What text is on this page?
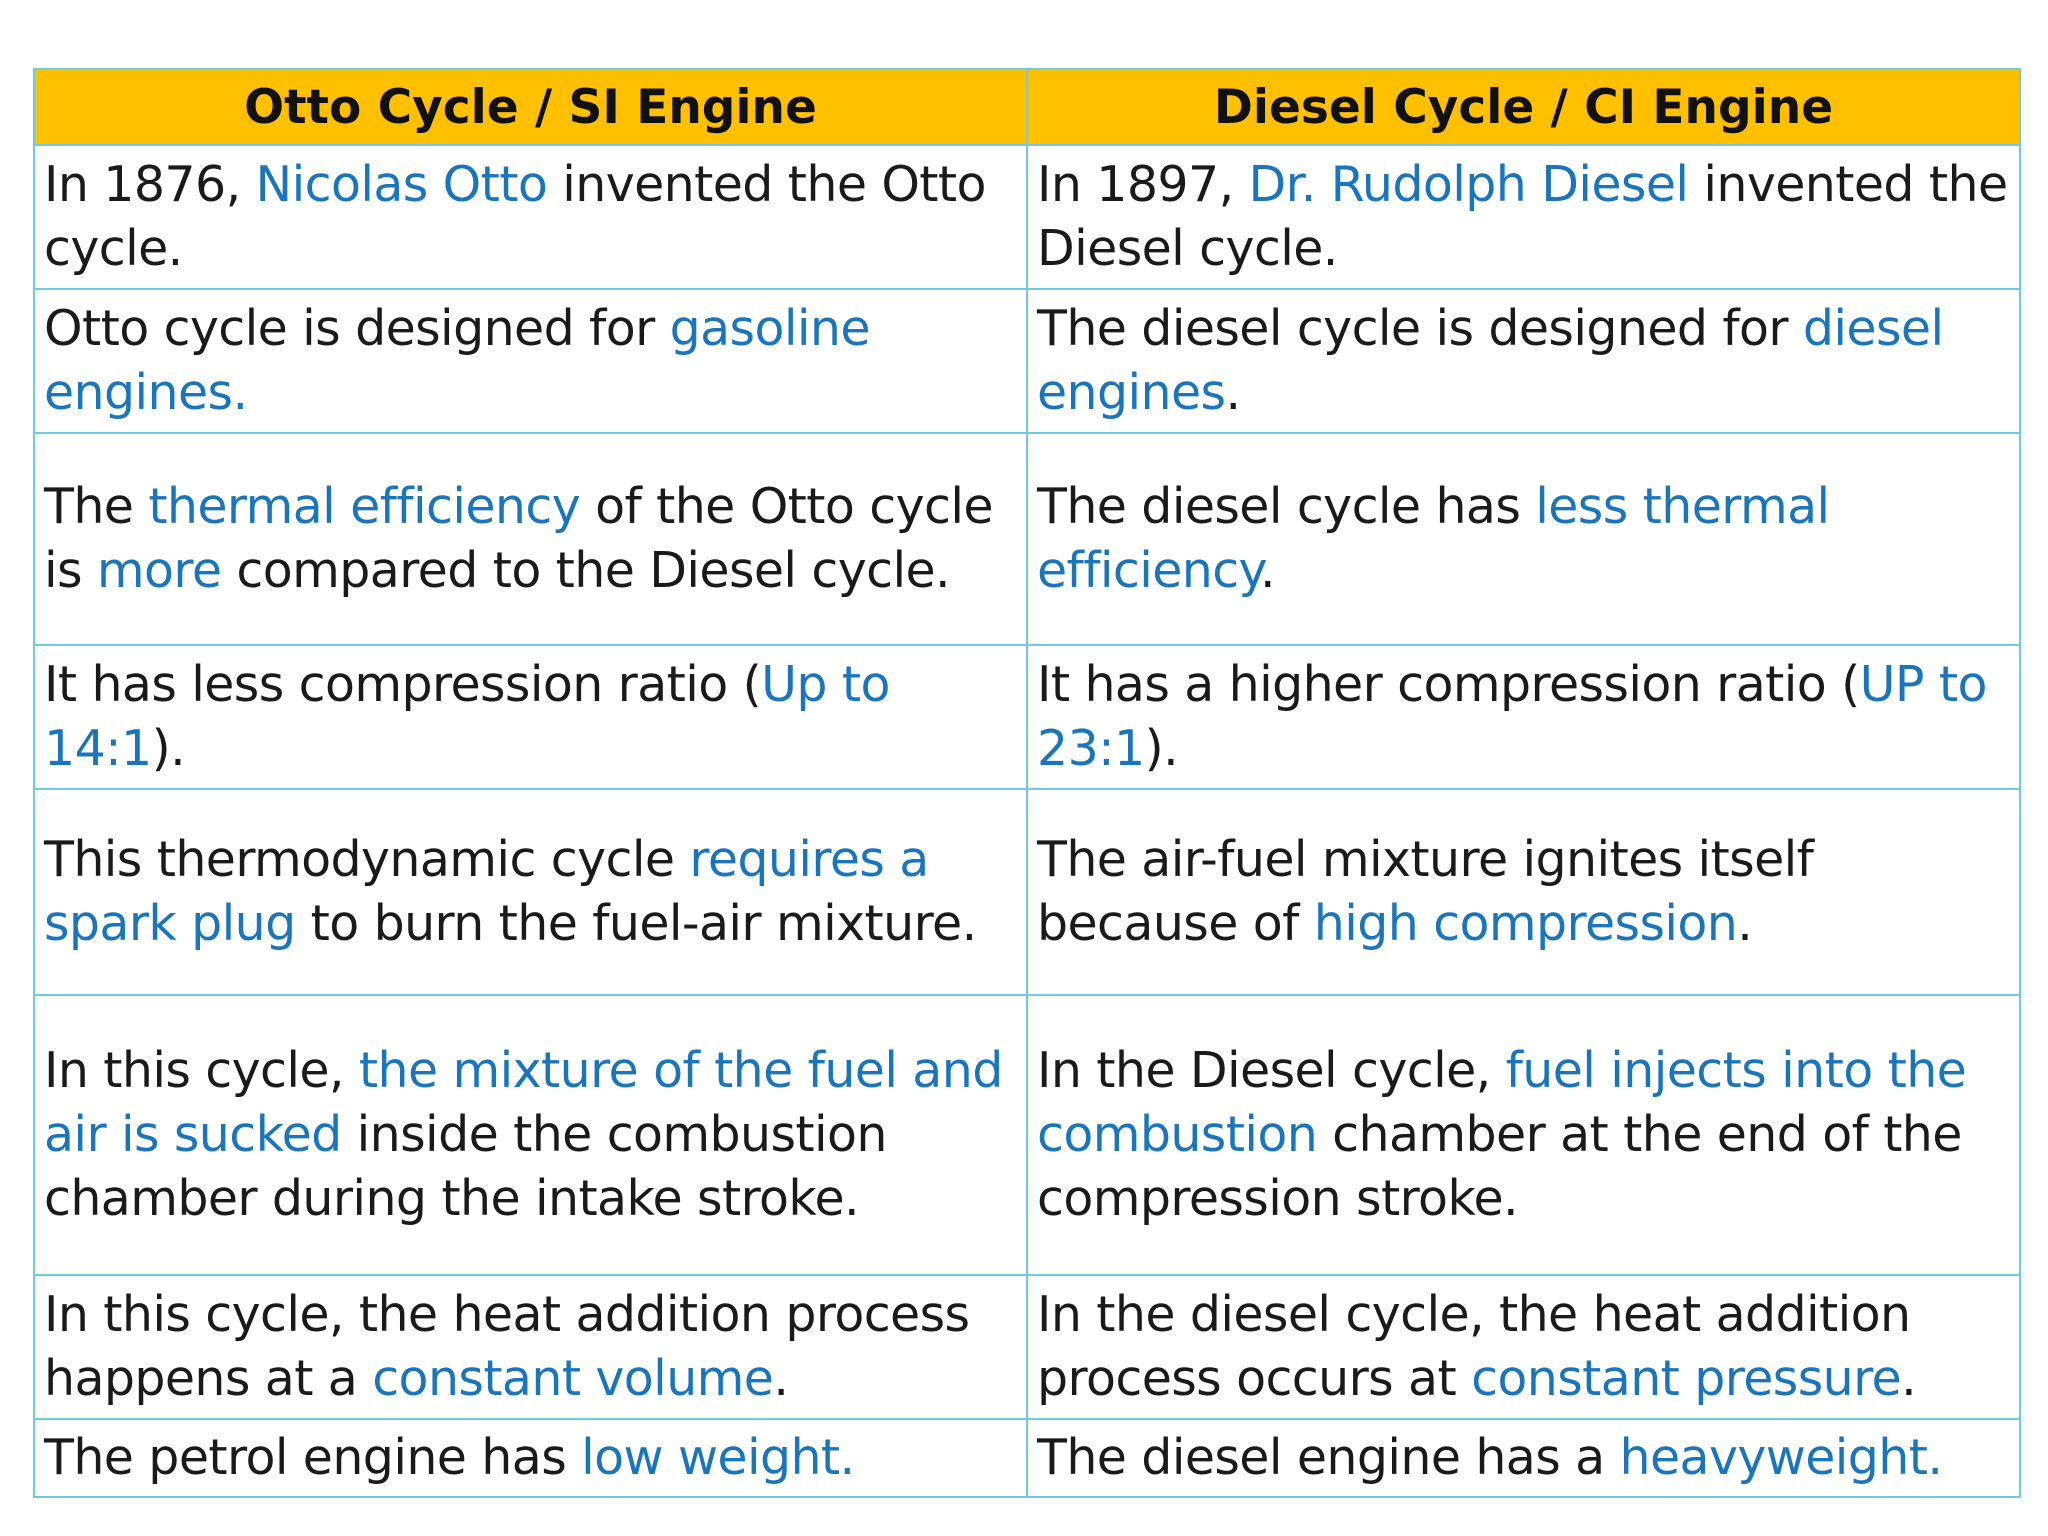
Otto Cycle / SI Engine	Diesel Cycle / CI Engine
In 1876, Nicolas Otto invented the Otto cycle.	In 1897, Dr. Rudolph Diesel invented the Diesel cycle.
Otto cycle is designed for gasoline engines.	The diesel cycle is designed for diesel engines.
The thermal efficiency of the Otto cycle is more compared to the Diesel cycle.	The diesel cycle has less thermal efficiency.
It has less compression ratio (Up to 14:1).	It has a higher compression ratio (UP to 23:1).
This thermodynamic cycle requires a spark plug to burn the fuel-air mixture.	The air-fuel mixture ignites itself because of high compression.
In this cycle, the mixture of the fuel and air is sucked inside the combustion chamber during the intake stroke.	In the Diesel cycle, fuel injects into the combustion chamber at the end of the compression stroke.
In this cycle, the heat addition process happens at a constant volume.	In the diesel cycle, the heat addition process occurs at constant pressure.
The petrol engine has low weight.	The diesel engine has a heavyweight.
